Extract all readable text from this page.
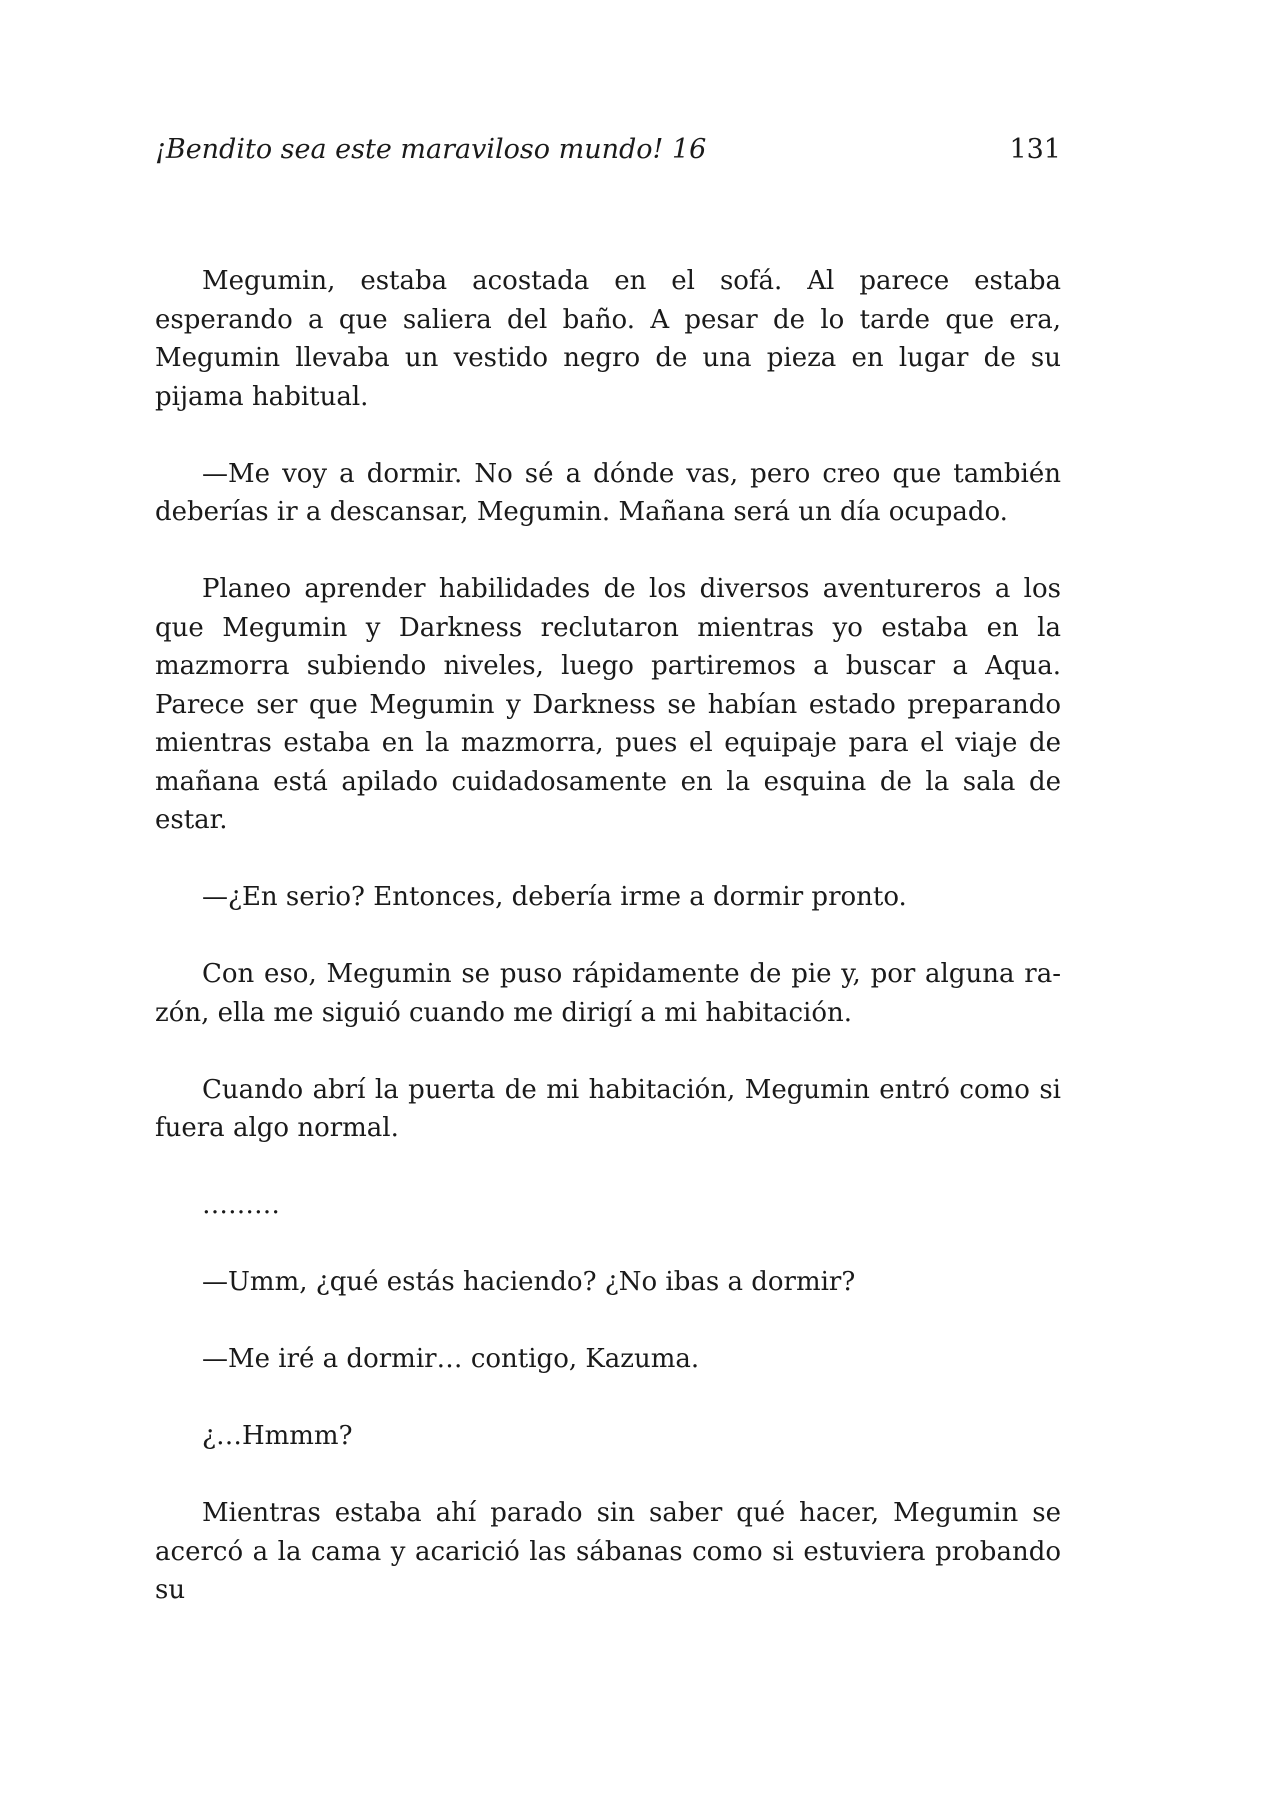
¡Bendito sea este maraviloso mundo! 16	131

Megumin, estaba acostada en el sofá. Al parece estaba esperando a que saliera del baño. A pesar de lo tarde que era, Megumin llevaba un vestido negro de una pieza en lugar de su pijama habitual.

—Me voy a dormir. No sé a dónde vas, pero creo que también deberías ir a descansar, Megumin. Mañana será un día ocupado.

Planeo aprender habilidades de los diversos aventureros a los que Megumin y Darkness reclutaron mientras yo estaba en la mazmorra subiendo niveles, luego partiremos a buscar a Aqua. Parece ser que Megumin y Darkness se habían estado preparando mientras estaba en la mazmorra, pues el equipaje para el viaje de mañana está apilado cuidadosamente en la esquina de la sala de estar.

—¿En serio? Entonces, debería irme a dormir pronto.

Con eso, Megumin se puso rápidamente de pie y, por alguna razón, ella me siguió cuando me dirigí a mi habitación.

Cuando abrí la puerta de mi habitación, Megumin entró como si fuera algo normal.

………

—Umm, ¿qué estás haciendo? ¿No ibas a dormir?

—Me iré a dormir… contigo, Kazuma.

¿…Hmmm?

Mientras estaba ahí parado sin saber qué hacer, Megumin se acercó a la cama y acarició las sábanas como si estuviera probando su
